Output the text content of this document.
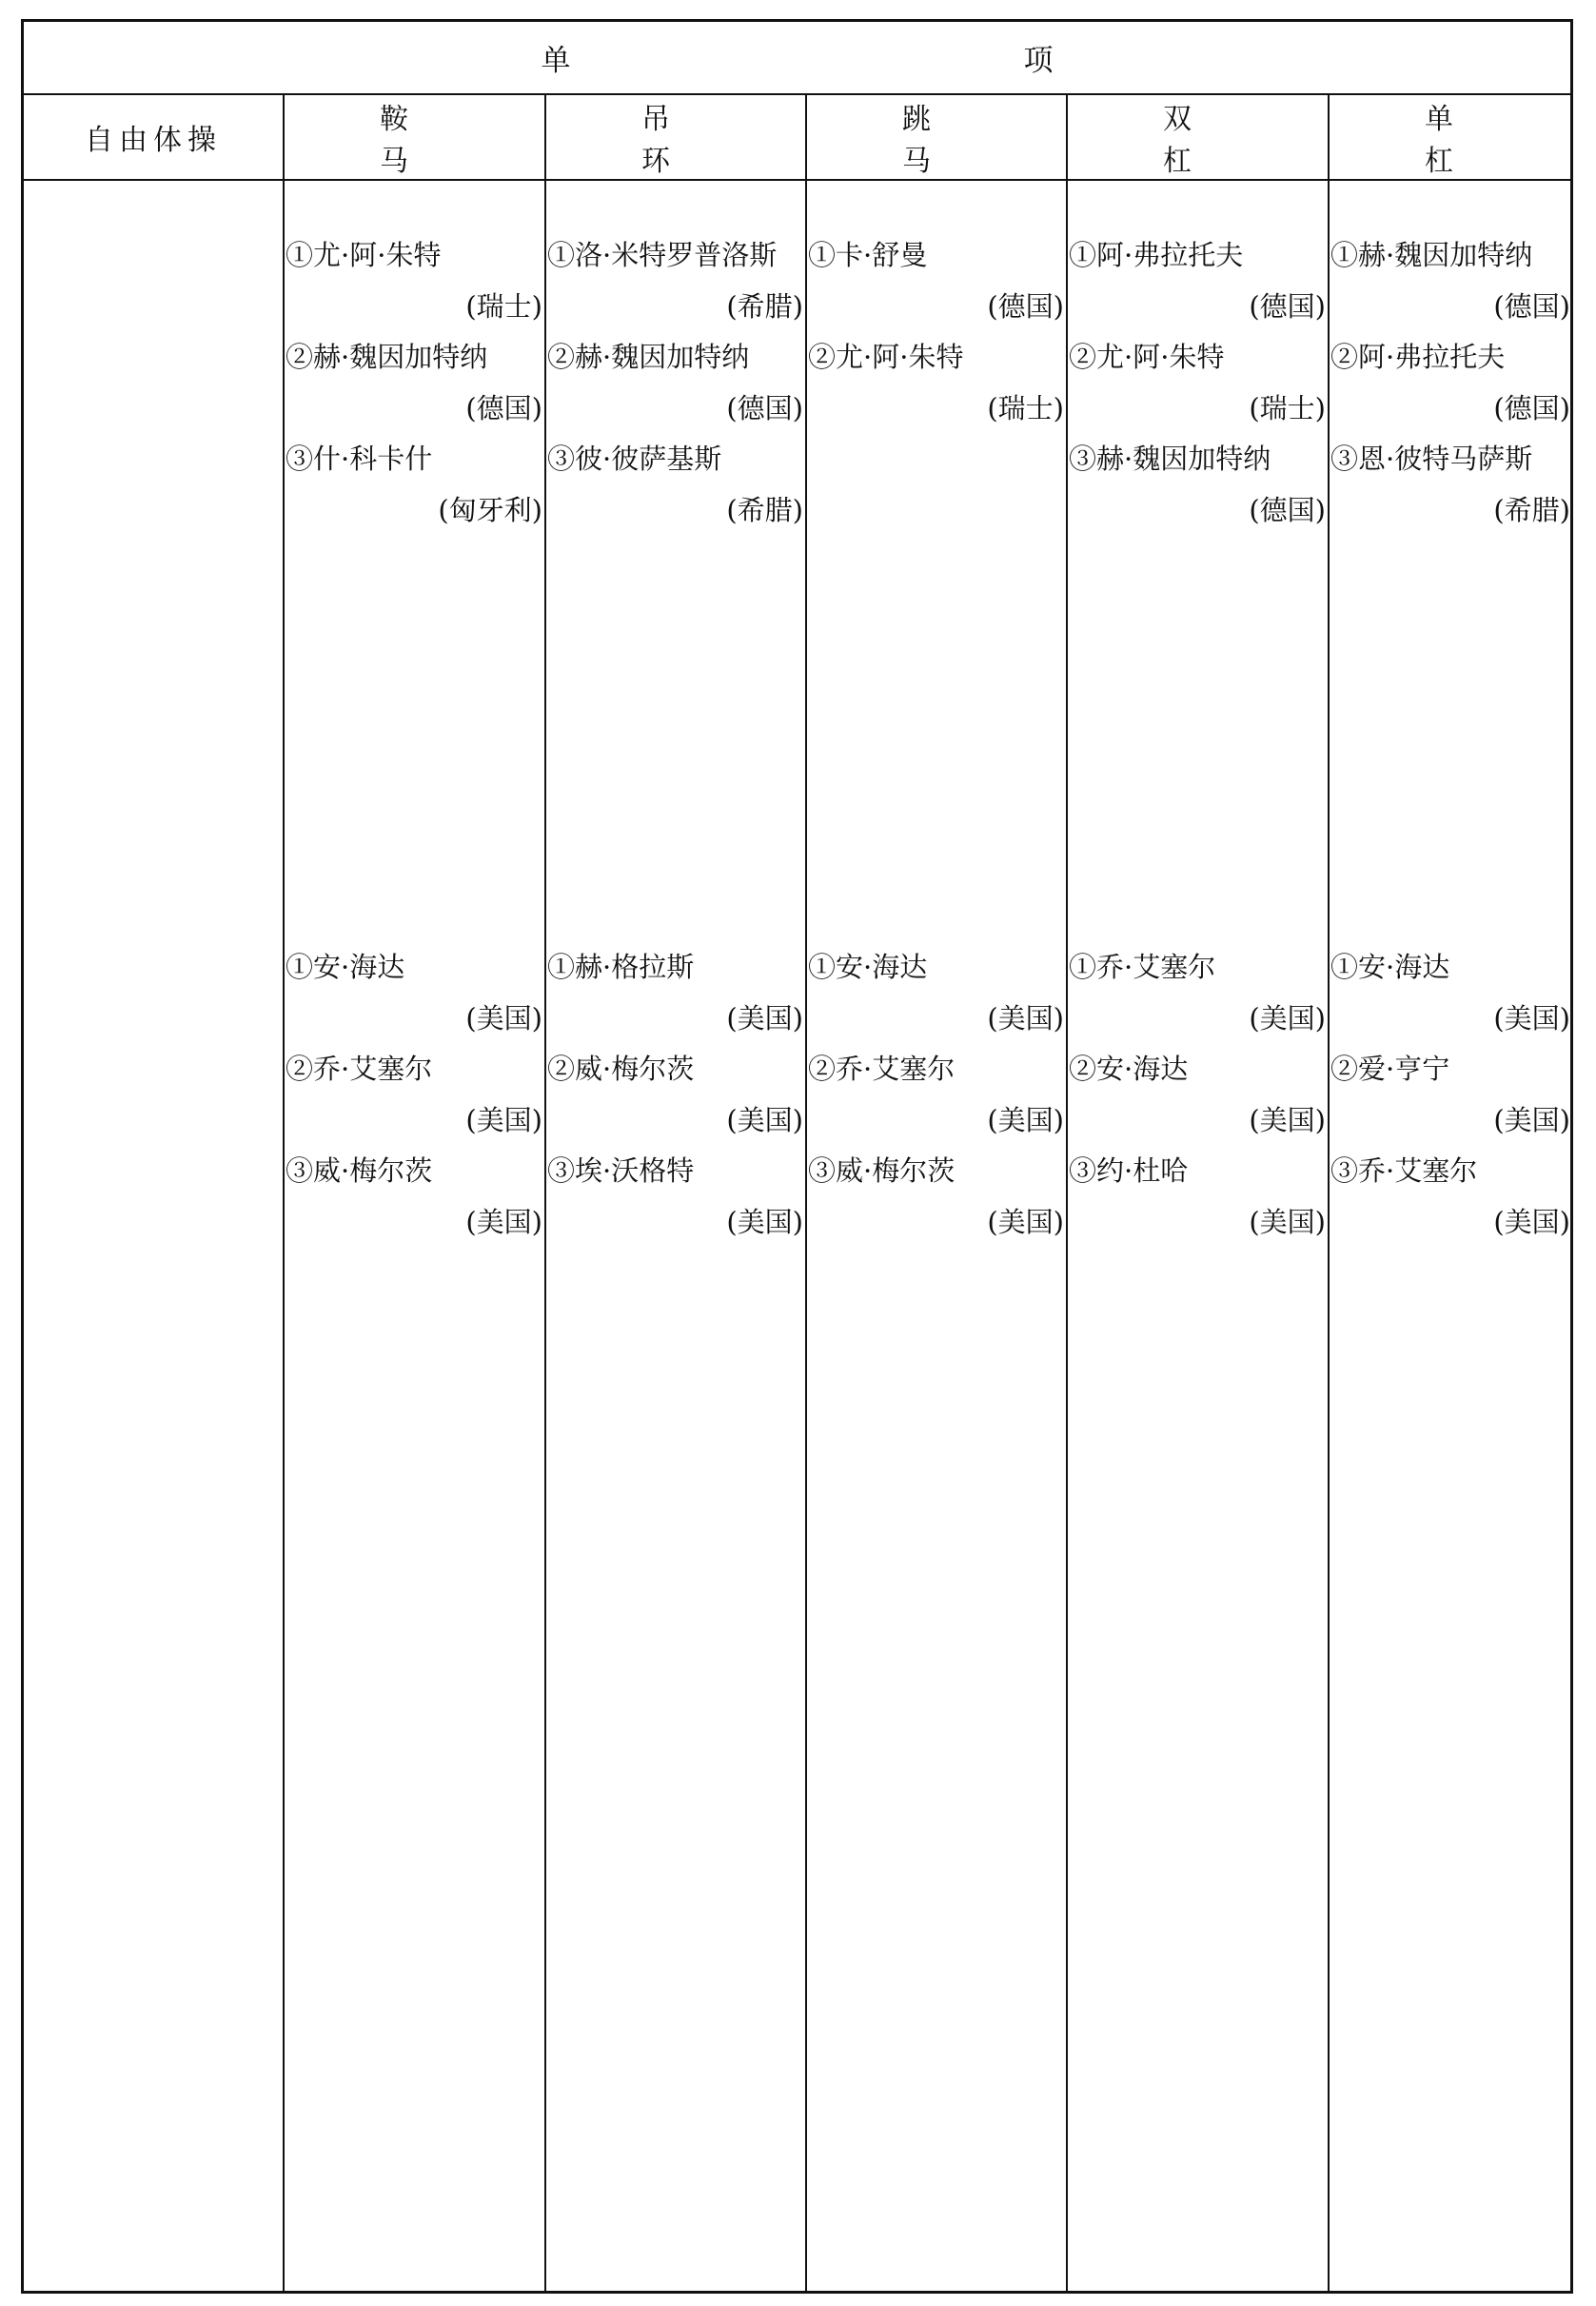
单　　项
自由体操
鞍马
吊环
跳马
双杠
单杠
①尤·阿·朱特
(瑞士)
②赫·魏因加特纳
(德国)
③什·科卡什
(匈牙利)
①安·海达
(美国)
②乔·艾塞尔
(美国)
③威·梅尔茨
(美国)
①洛·米特罗普洛斯
(希腊)
②赫·魏因加特纳
(德国)
③彼·彼萨基斯
(希腊)
①赫·格拉斯
(美国)
②威·梅尔茨
(美国)
③埃·沃格特
(美国)
①卡·舒曼
(德国)
②尤·阿·朱特
(瑞士)
①安·海达
(美国)
②乔·艾塞尔
(美国)
③威·梅尔茨
(美国)
①阿·弗拉托夫
(德国)
②尤·阿·朱特
(瑞士)
③赫·魏因加特纳
(德国)
①乔·艾塞尔
(美国)
②安·海达
(美国)
③约·杜哈
(美国)
①赫·魏因加特纳
(德国)
②阿·弗拉托夫
(德国)
③恩·彼特马萨斯
(希腊)
①安·海达
(美国)
②爱·亨宁
(美国)
③乔·艾塞尔
(美国)
